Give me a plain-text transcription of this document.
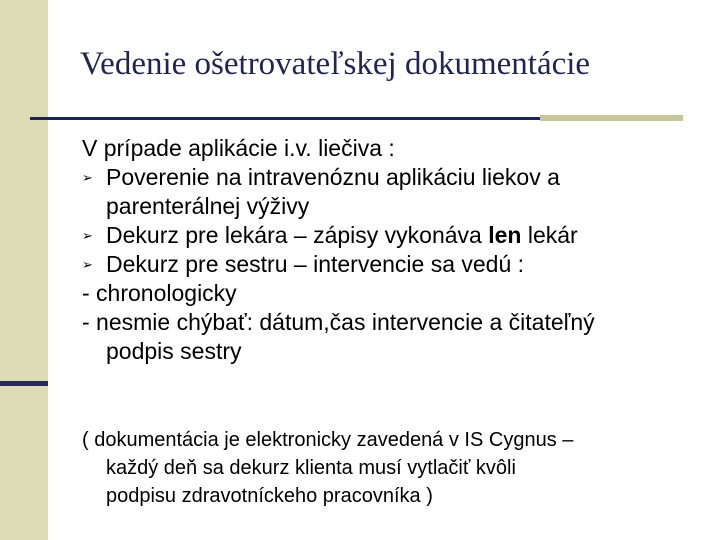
Vedenie ošetrovateľskej dokumentácie
V prípade aplikácie i.v. liečiva :
➢ Poverenie na intravenóznu aplikáciu liekov a
parenterálnej výživy
➢ Dekurz pre lekára – zápisy vykonáva len lekár
➢ Dekurz pre sestru – intervencie sa vedú :
- chronologicky
- nesmie chýbať: dátum,čas intervencie a čitateľný
podpis sestry
( dokumentácia je elektronicky zavedená v IS Cygnus –
každý deň sa dekurz klienta musí vytlačiť kvôli
podpisu zdravotníckeho pracovníka )
